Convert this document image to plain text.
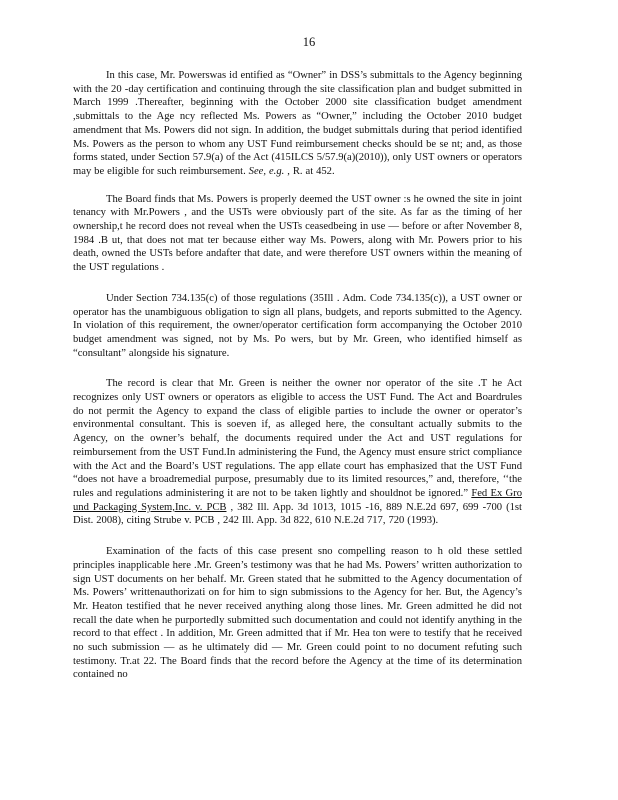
16

In this case, Mr. Powerswas id entified as “Owner” in DSS’s submittals to the Agency beginning with the 20 -day certification and continuing through the site classification plan and budget submitted in March 1999 .Thereafter, beginning with the October 2000 site classification budget amendment ,submittals to the Age ncy reflected Ms. Powers as “Owner,” including the October 2010 budget amendment that Ms. Powers did not sign. In addition, the budget submittals during that period identified Ms. Powers as the person to whom any UST Fund reimbursement checks should be se nt; and, as those forms stated, under Section 57.9(a) of the Act (415ILCS 5/57.9(a)(2010)), only UST owners or operators may be eligible for such reimbursement. See, e.g. , R. at 452.

The Board finds that Ms. Powers is properly deemed the UST owner :s he owned the site in joint tenancy with Mr.Powers , and the USTs were obviously part of the site. As far as the timing of her ownership,t he record does not reveal when the USTs ceasedbeing in use — before or after November 8, 1984 .B ut, that does not mat ter because either way Ms. Powers, along with Mr. Powers prior to his death, owned the USTs before andafter that date, and were therefore UST owners within the meaning of the UST regulations .

Under Section 734.135(c) of those regulations (35Ill . Adm. Code 734.135(c)), a UST owner or operator has the unambiguous obligation to sign all plans, budgets, and reports submitted to the Agency. In violation of this requirement, the owner/operator certification form accompanying the October 2010 budget amendment was signed, not by Ms. Po wers, but by Mr. Green, who identified himself as “consultant” alongside his signature.

The record is clear that Mr. Green is neither the owner nor operator of the site .T he Act recognizes only UST owners or operators as eligible to access the UST Fund. The Act and Boardrules do not permit the Agency to expand the class of eligible parties to include the owner or operator’s environmental consultant. This is soeven if, as alleged here, the consultant actually submits to the Agency, on the owner’s behalf, the documents required under the Act and UST regulations for reimbursement from the UST Fund.In administering the Fund, the Agency must ensure strict compliance with the Act and the Board’s UST regulations. The app ellate court has emphasized that the UST Fund “does not have a broadremedial purpose, presumably due to its limited resources,” and, therefore, ‘‘the rules and regulations administering it are not to be taken lightly and shouldnot be ignored.” Fed Ex Gro und Packaging System,Inc. v. PCB , 382 Ill. App. 3d 1013, 1015 -16, 889 N.E.2d 697, 699 -700 (1st Dist. 2008), citing Strube v. PCB , 242 Ill. App. 3d 822, 610 N.E.2d 717, 720 (1993).

Examination of the facts of this case present sno compelling reason to h old these settled principles inapplicable here .Mr. Green’s testimony was that he had Ms. Powers’ written authorization to sign UST documents on her behalf. Mr. Green stated that he submitted to the Agency documentation of Ms. Powers’ writtenauthorizati on for him to sign submissions to the Agency for her. But, the Agency’s Mr. Heaton testified that he never received anything along those lines. Mr. Green admitted he did not recall the date when he purportedly submitted such documentation and could not identify anything in the record to that effect . In addition, Mr. Green admitted that if Mr. Hea ton were to testify that he received no such submission — as he ultimately did — Mr. Green could point to no document refuting such testimony. Tr.at 22. The Board finds that the record before the Agency at the time of its determination contained no
